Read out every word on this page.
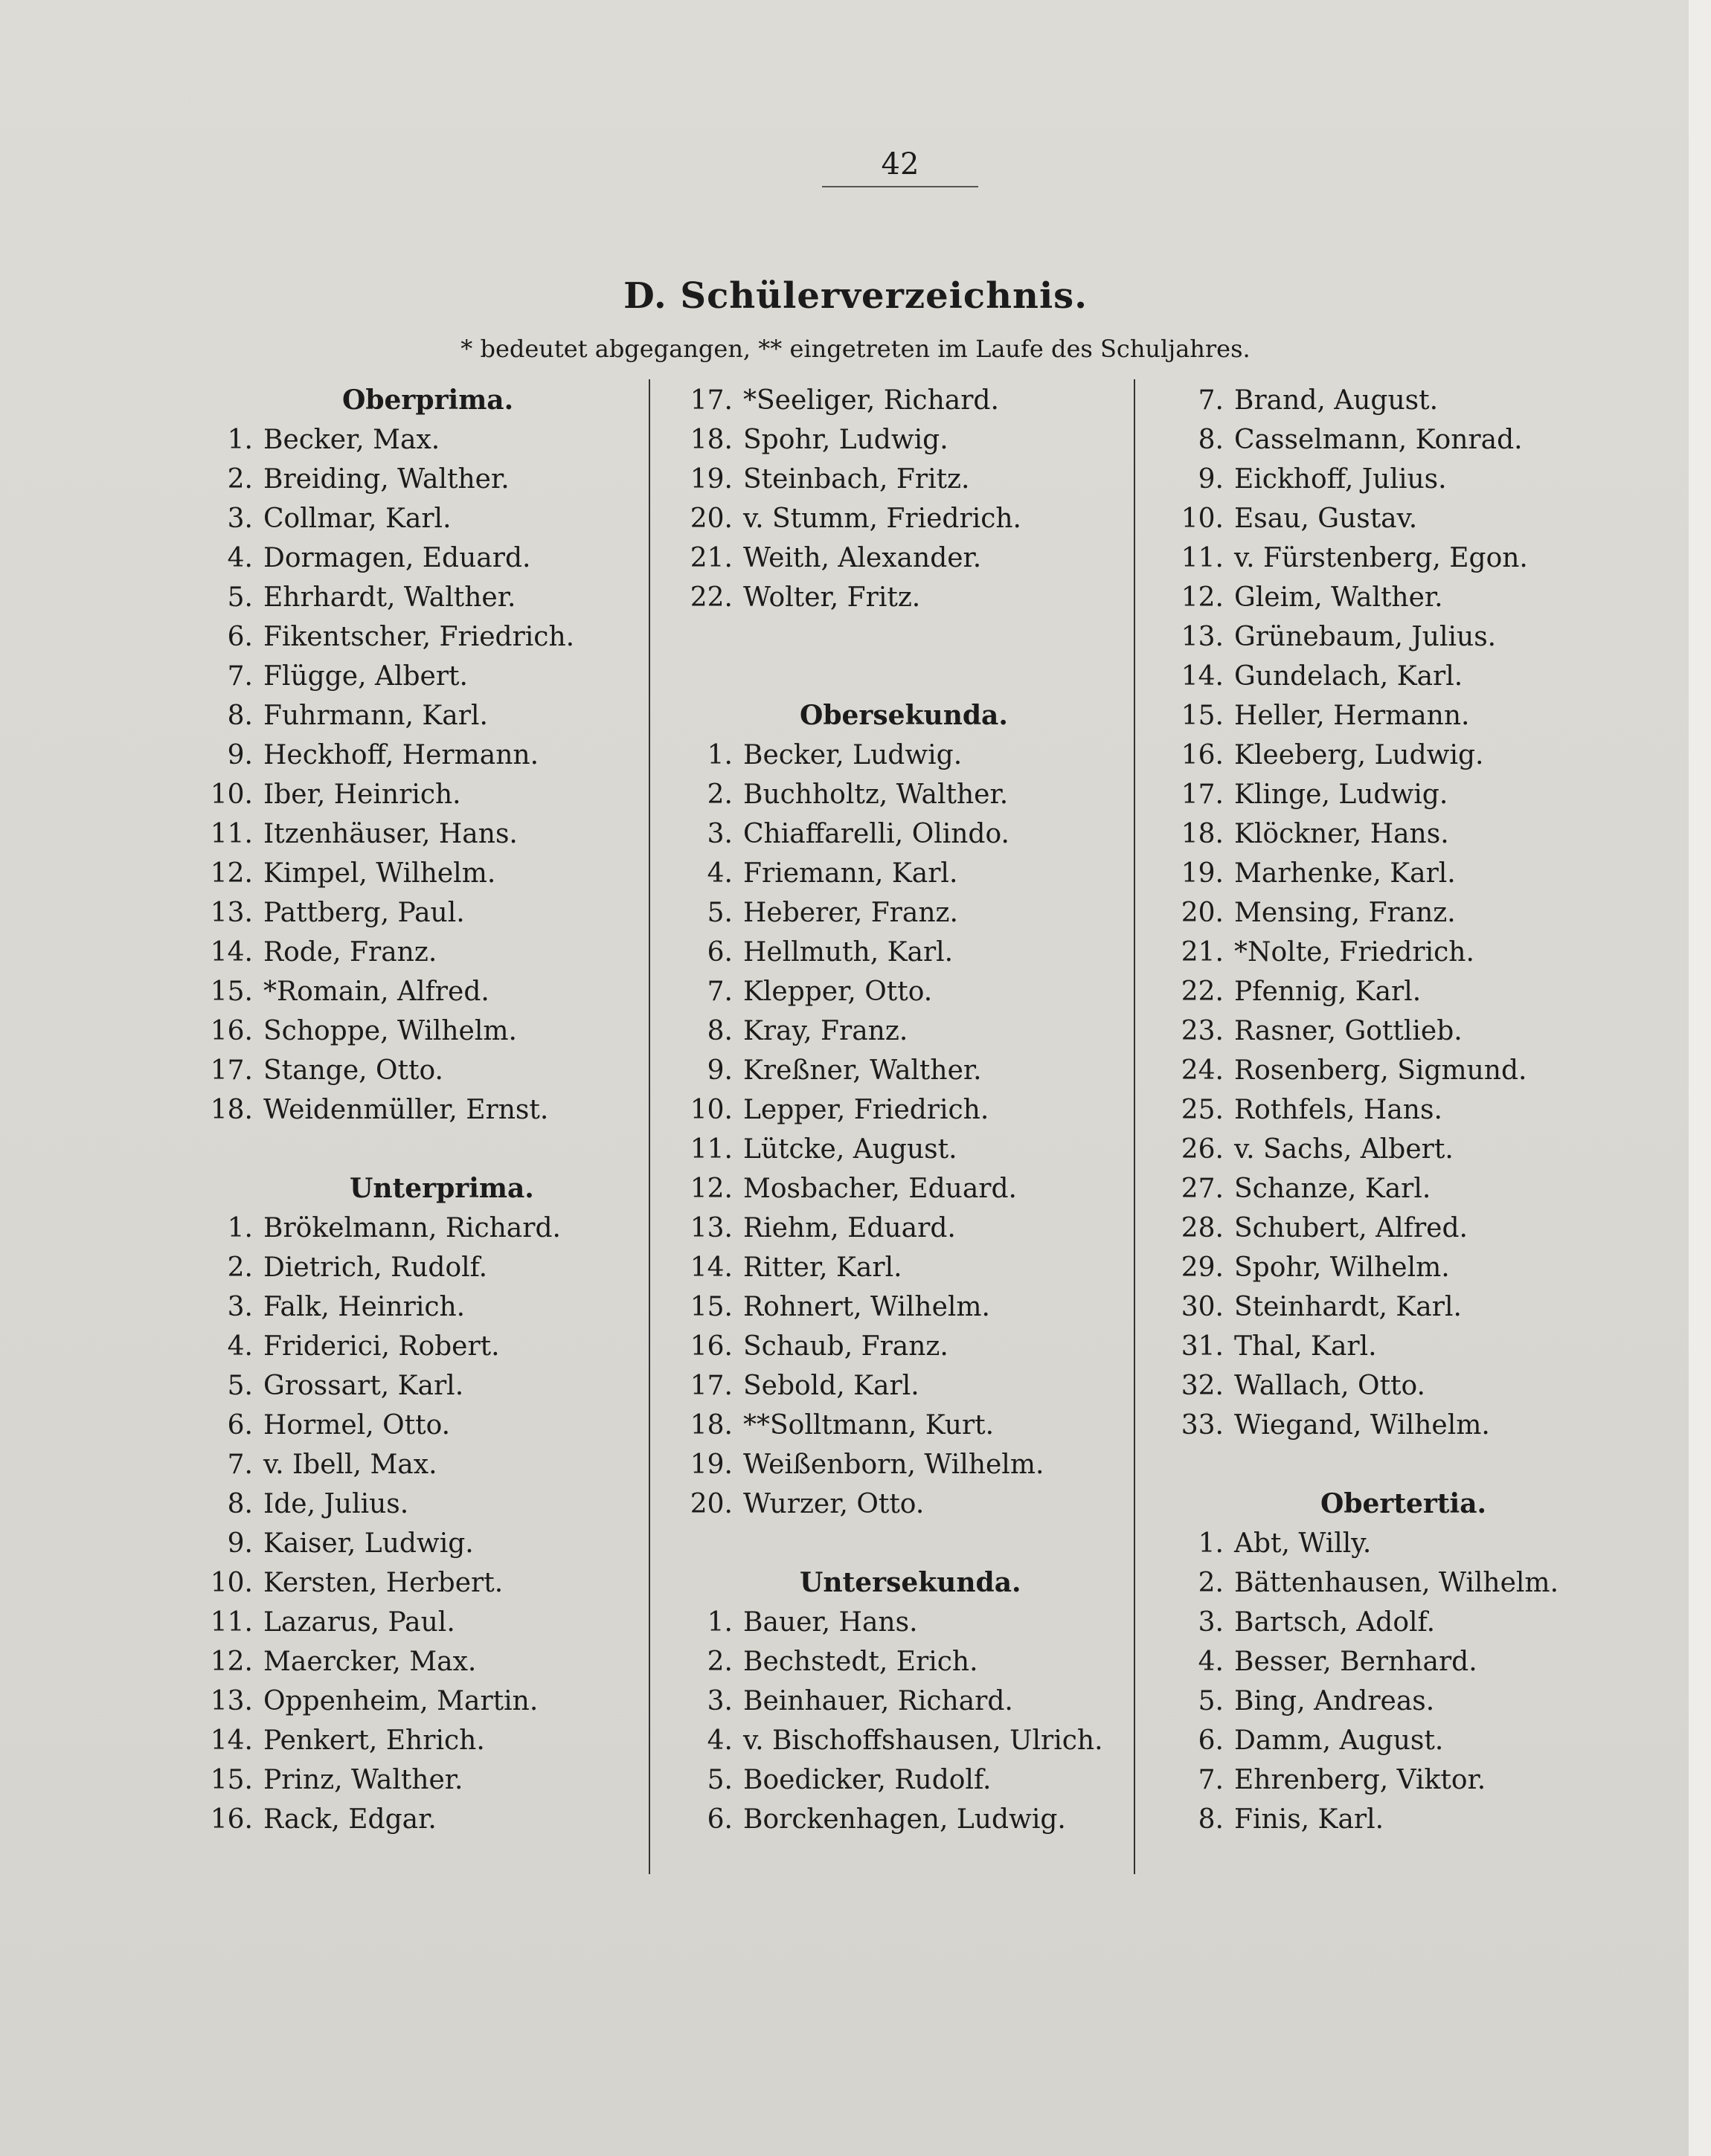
42
D. Schülerverzeichnis.
* bedeutet abgegangen, ** eingetreten im Laufe des Schuljahres.
Oberprima.
1. Becker, Max.
2. Breiding, Walther.
3. Collmar, Karl.
4. Dormagen, Eduard.
5. Ehrhardt, Walther.
6. Fikentscher, Friedrich.
7. Flügge, Albert.
8. Fuhrmann, Karl.
9. Heckhoff, Hermann.
10. Iber, Heinrich.
11. Itzenhäuser, Hans.
12. Kimpel, Wilhelm.
13. Pattberg, Paul.
14. Rode, Franz.
15. *Romain, Alfred.
16. Schoppe, Wilhelm.
17. Stange, Otto.
18. Weidenmüller, Ernst.
Unterprima.
1. Brökelmann, Richard.
2. Dietrich, Rudolf.
3. Falk, Heinrich.
4. Friderici, Robert.
5. Grossart, Karl.
6. Hormel, Otto.
7. v. Ibell, Max.
8. Ide, Julius.
9. Kaiser, Ludwig.
10. Kersten, Herbert.
11. Lazarus, Paul.
12. Maercker, Max.
13. Oppenheim, Martin.
14. Penkert, Ehrich.
15. Prinz, Walther.
16. Rack, Edgar.
17. *Seeliger, Richard.
18. Spohr, Ludwig.
19. Steinbach, Fritz.
20. v. Stumm, Friedrich.
21. Weith, Alexander.
22. Wolter, Fritz.
Obersekunda.
1. Becker, Ludwig.
2. Buchholtz, Walther.
3. Chiaffarelli, Olindo.
4. Friemann, Karl.
5. Heberer, Franz.
6. Hellmuth, Karl.
7. Klepper, Otto.
8. Kray, Franz.
9. Kreßner, Walther.
10. Lepper, Friedrich.
11. Lütcke, August.
12. Mosbacher, Eduard.
13. Riehm, Eduard.
14. Ritter, Karl.
15. Rohnert, Wilhelm.
16. Schaub, Franz.
17. Sebold, Karl.
18. **Solltmann, Kurt.
19. Weißenborn, Wilhelm.
20. Wurzer, Otto.
Untersekunda.
1. Bauer, Hans.
2. Bechstedt, Erich.
3. Beinhauer, Richard.
4. v. Bischoffshausen, Ulrich.
5. Boedicker, Rudolf.
6. Borckenhagen, Ludwig.
7. Brand, August.
8. Casselmann, Konrad.
9. Eickhoff, Julius.
10. Esau, Gustav.
11. v. Fürstenberg, Egon.
12. Gleim, Walther.
13. Grünebaum, Julius.
14. Gundelach, Karl.
15. Heller, Hermann.
16. Kleeberg, Ludwig.
17. Klinge, Ludwig.
18. Klöckner, Hans.
19. Marhenke, Karl.
20. Mensing, Franz.
21. *Nolte, Friedrich.
22. Pfennig, Karl.
23. Rasner, Gottlieb.
24. Rosenberg, Sigmund.
25. Rothfels, Hans.
26. v. Sachs, Albert.
27. Schanze, Karl.
28. Schubert, Alfred.
29. Spohr, Wilhelm.
30. Steinhardt, Karl.
31. Thal, Karl.
32. Wallach, Otto.
33. Wiegand, Wilhelm.
Obertertia.
1. Abt, Willy.
2. Bättenhausen, Wilhelm.
3. Bartsch, Adolf.
4. Besser, Bernhard.
5. Bing, Andreas.
6. Damm, August.
7. Ehrenberg, Viktor.
8. Finis, Karl.
